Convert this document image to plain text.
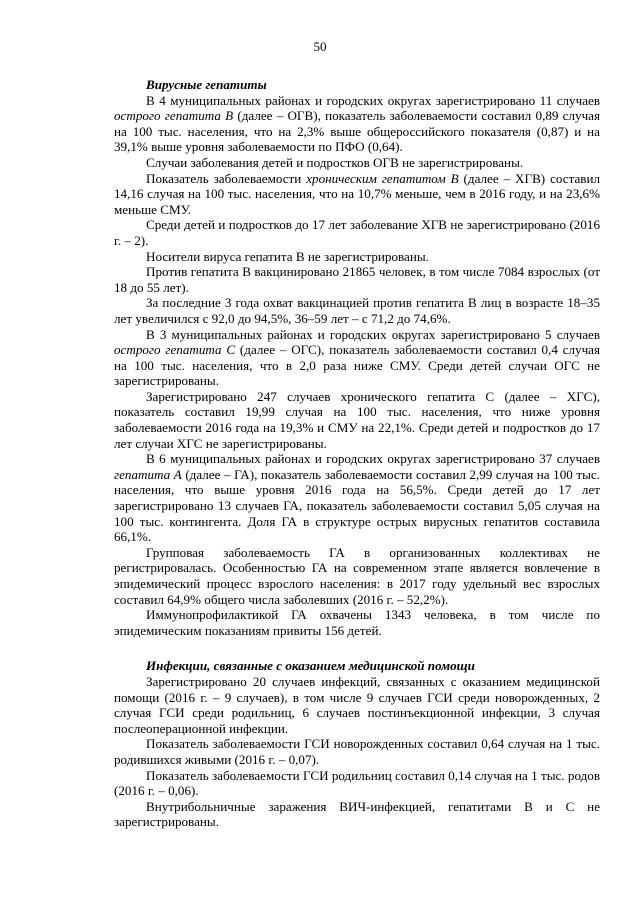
50

Вирусные гепатиты

В 4 муниципальных районах и городских округах зарегистрировано 11 случаев острого гепатита В (далее – ОГВ), показатель заболеваемости составил 0,89 случая на 100 тыс. населения, что на 2,3% выше общероссийского показателя (0,87) и на 39,1% выше уровня заболеваемости по ПФО (0,64).

Случаи заболевания детей и подростков ОГВ не зарегистрированы.

Показатель заболеваемости хроническим гепатитом В (далее – ХГВ) составил 14,16 случая на 100 тыс. населения, что на 10,7% меньше, чем в 2016 году, и на 23,6% меньше СМУ.

Среди детей и подростков до 17 лет заболевание ХГВ не зарегистрировано (2016 г. – 2).

Носители вируса гепатита В не зарегистрированы.

Против гепатита В вакцинировано 21865 человек, в том числе 7084 взрослых (от 18 до 55 лет).

За последние 3 года охват вакцинацией против гепатита В лиц в возрасте 18–35 лет увеличился с 92,0 до 94,5%, 36–59 лет – с 71,2 до 74,6%.

В 3 муниципальных районах и городских округах зарегистрировано 5 случаев острого гепатита С (далее – ОГС), показатель заболеваемости составил 0,4 случая на 100 тыс. населения, что в 2,0 раза ниже СМУ. Среди детей случаи ОГС не зарегистрированы.

Зарегистрировано 247 случаев хронического гепатита С (далее – ХГС), показатель составил 19,99 случая на 100 тыс. населения, что ниже уровня заболеваемости 2016 года на 19,3% и СМУ на 22,1%. Среди детей и подростков до 17 лет случаи ХГС не зарегистрированы.

В 6 муниципальных районах и городских округах зарегистрировано 37 случаев гепатита А (далее – ГА), показатель заболеваемости составил 2,99 случая на 100 тыс. населения, что выше уровня 2016 года на 56,5%. Среди детей до 17 лет зарегистрировано 13 случаев ГА, показатель заболеваемости составил 5,05 случая на 100 тыс. контингента. Доля ГА в структуре острых вирусных гепатитов составила 66,1%.

Групповая заболеваемость ГА в организованных коллективах не регистрировалась. Особенностью ГА на современном этапе является вовлечение в эпидемический процесс взрослого населения: в 2017 году удельный вес взрослых составил 64,9% общего числа заболевших (2016 г. – 52,2%).

Иммунопрофилактикой ГА охвачены 1343 человека, в том числе по эпидемическим показаниям привиты 156 детей.

Инфекции, связанные с оказанием медицинской помощи

Зарегистрировано 20 случаев инфекций, связанных с оказанием медицинской помощи (2016 г. – 9 случаев), в том числе 9 случаев ГСИ среди новорожденных, 2 случая ГСИ среди родильниц, 6 случаев постинъекционной инфекции, 3 случая послеоперационной инфекции.

Показатель заболеваемости ГСИ новорожденных составил 0,64 случая на 1 тыс. родившихся живыми (2016 г. – 0,07).

Показатель заболеваемости ГСИ родильниц составил 0,14 случая на 1 тыс. родов (2016 г. – 0,06).

Внутрибольничные заражения ВИЧ-инфекцией, гепатитами В и С не зарегистрированы.
